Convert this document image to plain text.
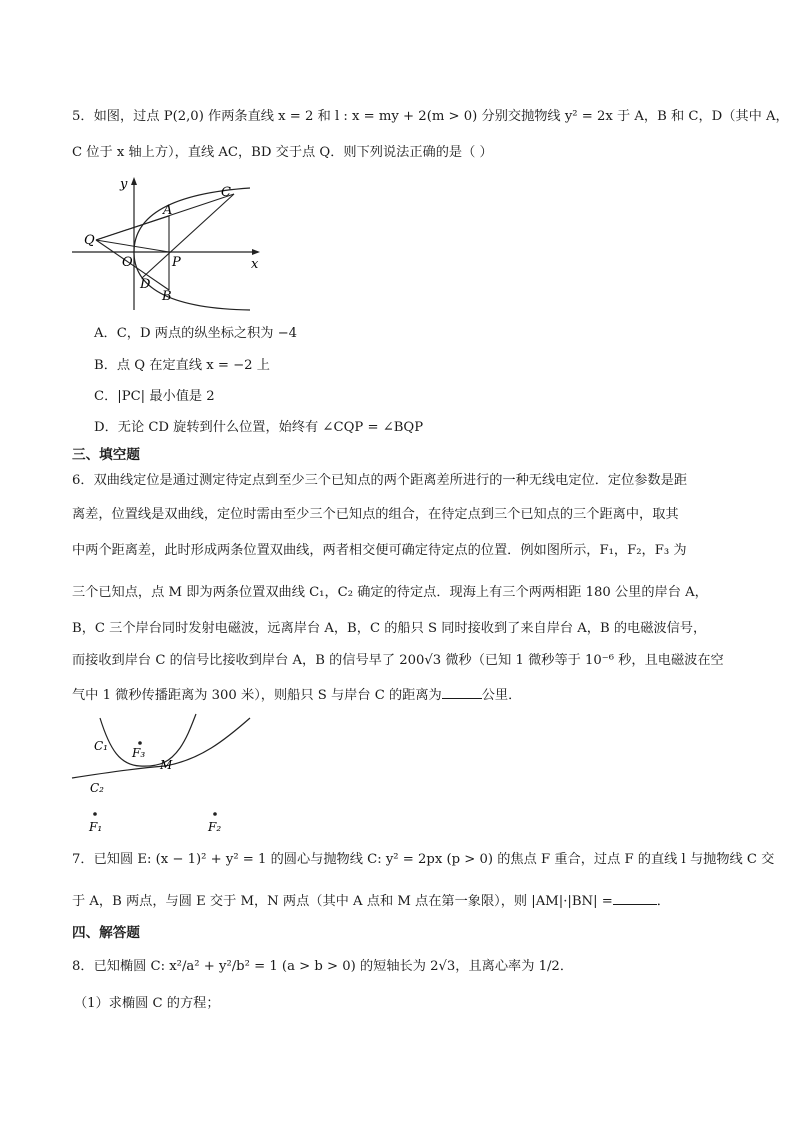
5．如图，过点 P(2,0) 作两条直线 x = 2 和 l : x = my + 2(m > 0) 分别交抛物线 y² = 2x 于 A，B 和 C，D（其中 A，
C 位于 x 轴上方），直线 AC，BD 交于点 Q．则下列说法正确的是（ ）
y
x
C
A
Q
O	P
D
B
A．C，D 两点的纵坐标之积为 −4
B．点 Q 在定直线 x = −2 上
C．|PC| 最小值是 2
D．无论 CD 旋转到什么位置，始终有 ∠CQP = ∠BQP
三、填空题
6．双曲线定位是通过测定待定点到至少三个已知点的两个距离差所进行的一种无线电定位．定位参数是距
离差，位置线是双曲线，定位时需由至少三个已知点的组合，在待定点到三个已知点的三个距离中，取其
中两个距离差，此时形成两条位置双曲线，两者相交便可确定待定点的位置．例如图所示，F₁，F₂，F₃ 为
三个已知点，点 M 即为两条位置双曲线 C₁，C₂ 确定的待定点．现海上有三个两两相距 180 公里的岸台 A，
B，C 三个岸台同时发射电磁波，远离岸台 A，B，C 的船只 S 同时接收到了来自岸台 A，B 的电磁波信号，
而接收到岸台 C 的信号比接收到岸台 A，B 的信号早了 200√3 微秒（已知 1 微秒等于 10⁻⁶ 秒，且电磁波在空
气中 1 微秒传播距离为 300 米），则船只 S 与岸台 C 的距离为	公里．
C₁ F₃
M
C₂
F₁	F₂
7．已知圆 E: (x − 1)² + y² = 1 的圆心与抛物线 C: y² = 2px (p > 0) 的焦点 F 重合，过点 F 的直线 l 与抛物线 C 交
于 A，B 两点，与圆 E 交于 M，N 两点（其中 A 点和 M 点在第一象限），则 |AM|·|BN| =	．
四、解答题
8．已知椭圆 C: x²/a² + y²/b² = 1 (a > b > 0) 的短轴长为 2√3，且离心率为 1/2．
（1）求椭圆 C 的方程；
